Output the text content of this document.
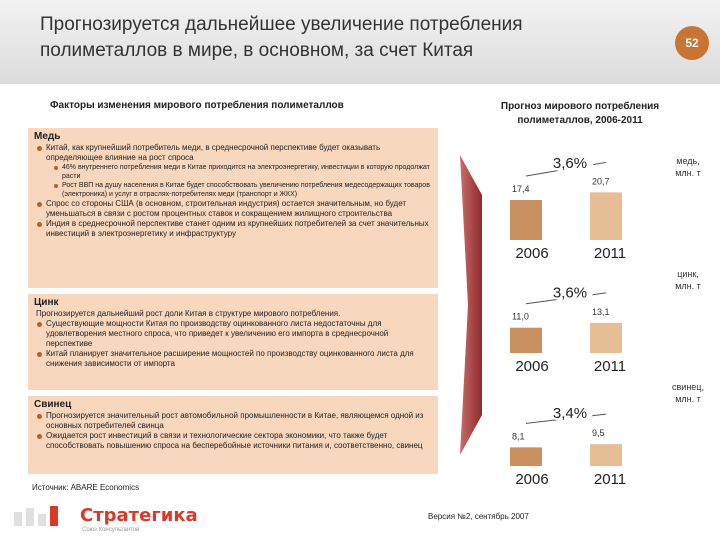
Прогнозируется дальнейшее увеличение потребления полиметаллов в мире, в основном, за счет Китая	52
Факторы изменения мирового потребления полиметаллов	Прогноз мирового потребления полиметаллов, 2006-2011
Медь
Китай, как крупнейший потребитель меди, в среднесрочной перспективе будет оказывать определяющее влияние на рост спроса
46% внутреннего потребления меди в Китае приходится на электроэнергетику, инвестиции в которую продолжат расти
Рост ВВП на душу населения в Китае будет способствовать увеличению потребления медесодержащих товаров (электроника) и услуг в отраслях-потребителях меди (транспорт и ЖКХ)
Спрос со стороны США (в основном, строительная индустрия) остается значительным, но будет уменьшаться в связи с ростом процентных ставок и сокращением жилищного строительства
Индия в среднесрочной перспективе станет одним из крупнейших потребителей за счет значительных инвестиций в электроэнергетику и инфраструктуру
Цинк
Прогнозируется дальнейший рост доли Китая в структуре мирового потребления.
Существующие мощности Китая по производству оцинкованного листа недостаточны для удовлетворения местного спроса, что приведет к увеличению его импорта в среднесрочной перспективе
Китай планирует значительное расширение мощностей по производству оцинкованного листа для снижения зависимости от импорта
Свинец
Прогнозируется значительный рост автомобильной промышленности в Китае, являющемся одной из основных потребителей свинца
Ожидается рост инвестиций в связи и технологические сектора экономики, что также будет способствовать повышению спроса на бесперебойные источники питания и, соответственно, свинец
Источник: ABARE Economics
17,4
2006
20,7
2011
3,6%	медь,
млн. т
11,0
2006
13,1
2011
3,6%
цинк,
млн. т
8,1
2006
9,5
2011
3,4%
свинец,
млн. т
Версия №2, сентябрь 2007
Стратегика
Союз Консультантов
